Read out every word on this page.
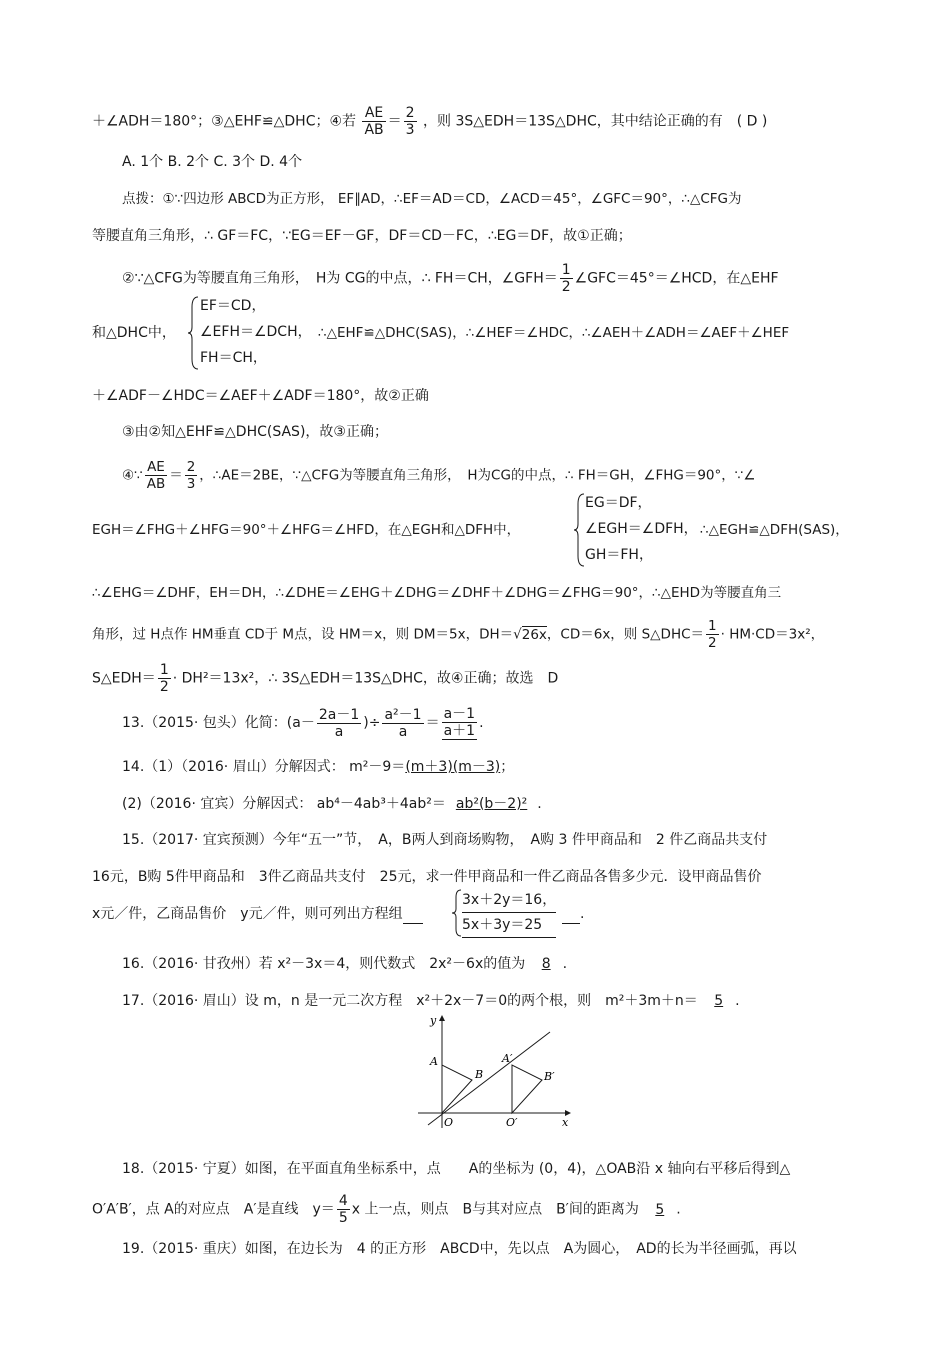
＋∠ADH＝180°；③△EHF≌△DHC；④若 $\frac{AE}{AB} = \frac{2}{3}$ ，则 3S△EDH＝13S△DHC，其中结论正确的有　( D )
A. 1个 B. 2个 C. 3个 D. 4个
点拨：①∵四边形 ABCD为正方形， EF∥AD，∴EF＝AD＝CD，∠ACD＝45°，∠GFC＝90°，∴△CFG为
等腰直角三角形，∴ GF＝FC，∵EG＝EF－GF，DF＝CD－FC，∴EG＝DF，故①正确；
②∵△CFG为等腰直角三角形，　H为 CG的中点，∴ FH＝CH，∠GFH＝ $\frac{1}{2}$ ∠GFC＝45°＝∠HCD，在△EHF
和△DHC中，
EF＝CD，
∠EFH＝∠DCH，
FH＝CH，
∴△EHF≌△DHC(SAS)，∴∠HEF＝∠HDC，∴∠AEH＋∠ADH＝∠AEF＋∠HEF
＋∠ADF－∠HDC＝∠AEF＋∠ADF＝180°，故②正确
③由②知△EHF≌△DHC(SAS)，故③正确；
④∵ $\frac{AE}{AB} = \frac{2}{3}$ ，∴AE＝2BE，∵△CFG为等腰直角三角形，　H为CG的中点，∴ FH＝GH，∠FHG＝90°，∵∠
EGH＝∠FHG＋∠HFG＝90°＋∠HFG＝∠HFD，在△EGH和△DFH中，
EG＝DF，
∠EGH＝∠DFH，
GH＝FH，
∴△EGH≌△DFH(SAS)，
∴∠EHG＝∠DHF，EH＝DH，∴∠DHE＝∠EHG＋∠DHG＝∠DHF＋∠DHG＝∠FHG＝90°，∴△EHD为等腰直角三
角形，过 H点作 HM垂直 CD于 M点，设 HM＝x，则 DM＝5x，DH＝√26x，CD＝6x，则 S△DHC＝ $\frac{1}{2} \cdot HM\cdot CD=3x^2$，
S△EDH＝ $\frac{1}{2} \cdot DH^2=13x^2$，∴ 3S△EDH＝13S△DHC，故④正确；故选　D
13.（2015· 包头）化简：($a- \frac{2a-1}{a}$ )÷ $\frac{\text{a²－1}}{a} = \frac{a-1}{a+1}$ .
14.（1）（2016· 眉山）分解因式： m²－9＝(m＋3)(m－3)；
(2)（2016· 宜宾）分解因式： ab⁴－4ab³＋4ab²＝ ab²(b－2)² .
15.（2017· 宜宾预测）今年“五一”节，　A，B两人到商场购物，　A购 3 件甲商品和　2 件乙商品共支付
16元，B购 5件甲商品和　3件乙商品共支付　25元，求一件甲商品和一件乙商品各售多少元．设甲商品售价
x元／件，乙商品售价　y元／件，则可列出方程组
3x＋2y＝16，
5x＋3y＝25
.
16.（2016· 甘孜州）若 x²－3x＝4，则代数式　2x²－6x的值为 8 .
17.（2016· 眉山）设 m，n 是一元二次方程　x²＋2x－7＝0的两个根，则　m²＋3m＋n＝ 5 .
y
x
A
B
O
A′
B′
O′
18.（2015· 宁夏）如图，在平面直角坐标系中，点　　A的坐标为 (0，4)，△OAB沿 x 轴向右平移后得到△
O′A′B′，点 A的对应点　A′是直线　$y= \frac{4}{5}$ x 上一点，则点　B与其对应点　B′间的距离为 5 .
19.（2015· 重庆）如图，在边长为　4 的正方形　ABCD中，先以点　A为圆心，　AD的长为半径画弧，再以
